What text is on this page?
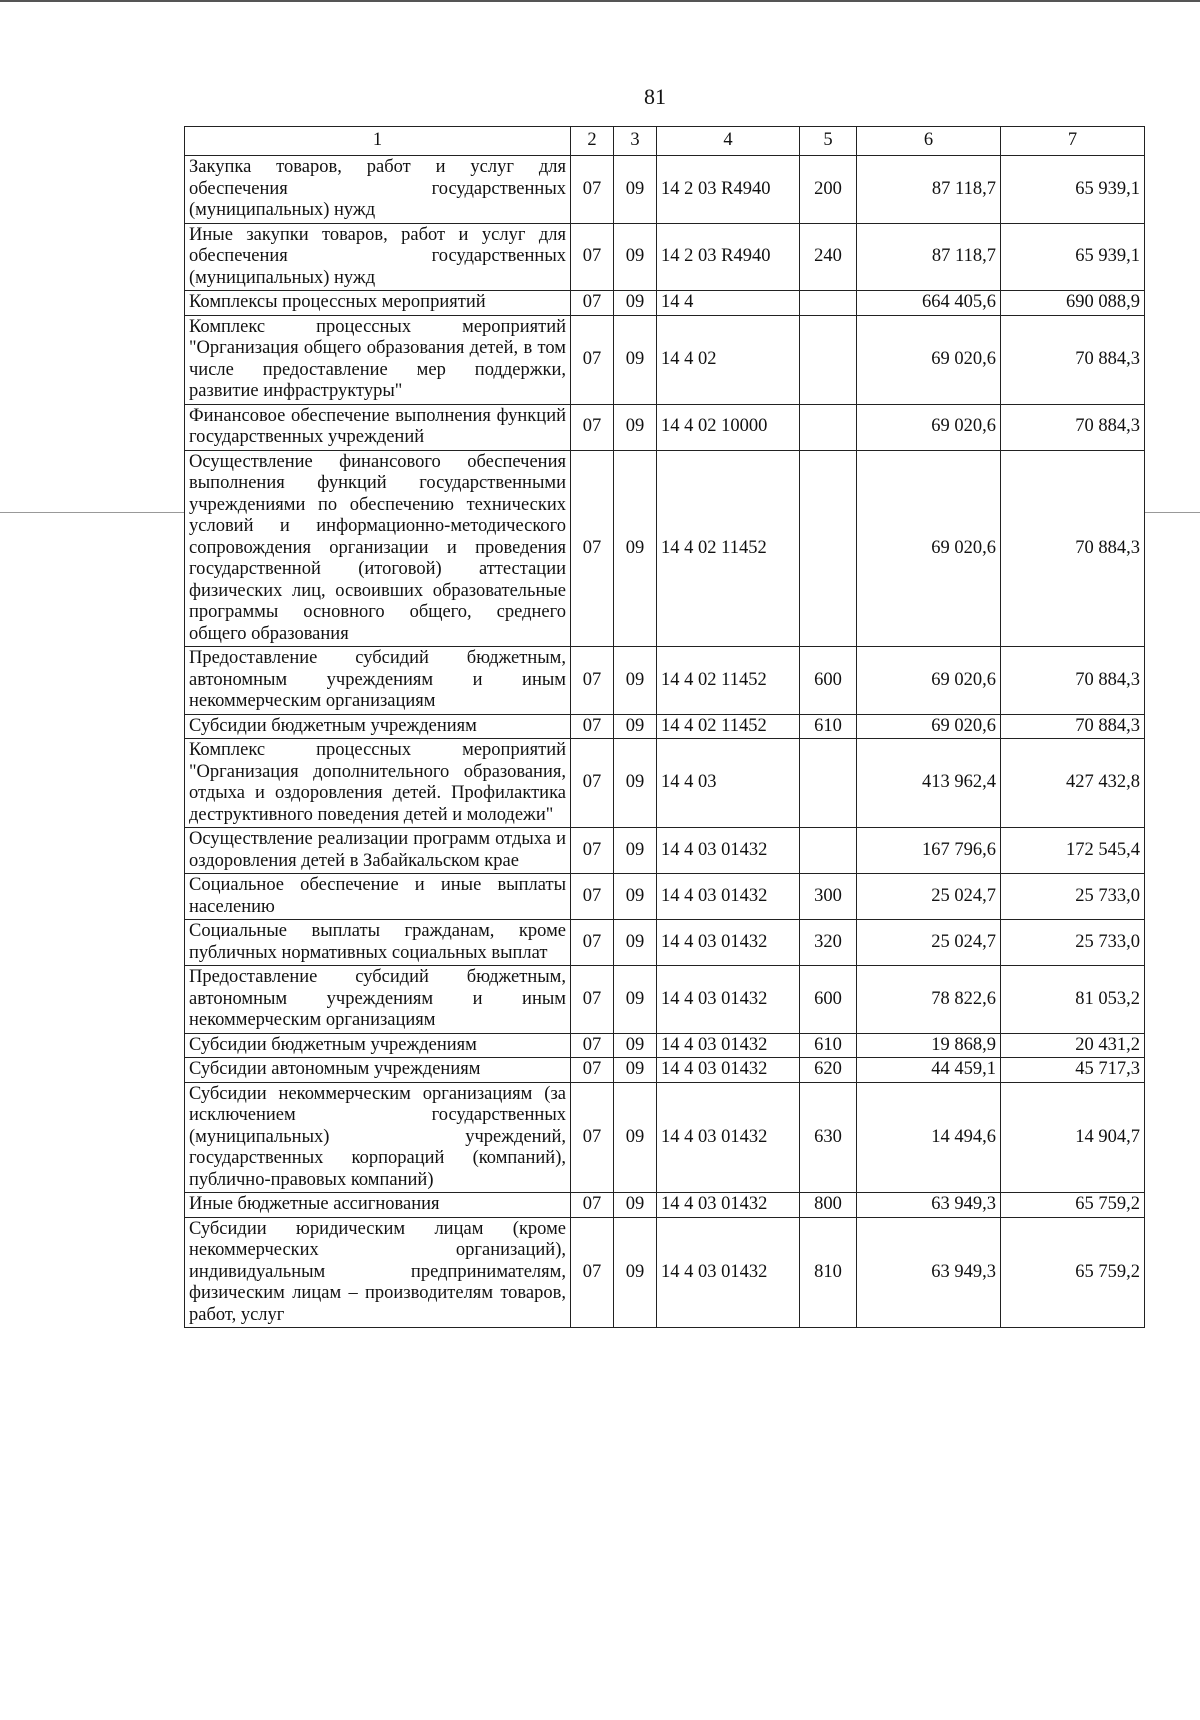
81
1	2	3	4	5	6	7
Закупка товаров, работ и услуг для обеспечения государственных (муниципальных) нужд	07	09	14 2 03 R4940	200	87 118,7	65 939,1
Иные закупки товаров, работ и услуг для обеспечения государственных (муниципальных) нужд	07	09	14 2 03 R4940	240	87 118,7	65 939,1
Комплексы процессных мероприятий	07	09	14 4		664 405,6	690 088,9
Комплекс процессных мероприятий "Организация общего образования детей, в том числе предоставление мер поддержки, развитие инфраструктуры"	07	09	14 4 02		69 020,6	70 884,3
Финансовое обеспечение выполнения функций государственных учреждений	07	09	14 4 02 10000		69 020,6	70 884,3
Осуществление финансового обеспечения выполнения функций государственными учреждениями по обеспечению технических условий и информационно-методического сопровождения организации и проведения государственной (итоговой) аттестации физических лиц, освоивших образовательные программы основного общего, среднего общего образования	07	09	14 4 02 11452		69 020,6	70 884,3
Предоставление субсидий бюджетным, автономным учреждениям и иным некоммерческим организациям	07	09	14 4 02 11452	600	69 020,6	70 884,3
Субсидии бюджетным учреждениям	07	09	14 4 02 11452	610	69 020,6	70 884,3
Комплекс процессных мероприятий "Организация дополнительного образования, отдыха и оздоровления детей. Профилактика деструктивного поведения детей и молодежи"	07	09	14 4 03		413 962,4	427 432,8
Осуществление реализации программ отдыха и оздоровления детей в Забайкальском крае	07	09	14 4 03 01432		167 796,6	172 545,4
Социальное обеспечение и иные выплаты населению	07	09	14 4 03 01432	300	25 024,7	25 733,0
Социальные выплаты гражданам, кроме публичных нормативных социальных выплат	07	09	14 4 03 01432	320	25 024,7	25 733,0
Предоставление субсидий бюджетным, автономным учреждениям и иным некоммерческим организациям	07	09	14 4 03 01432	600	78 822,6	81 053,2
Субсидии бюджетным учреждениям	07	09	14 4 03 01432	610	19 868,9	20 431,2
Субсидии автономным учреждениям	07	09	14 4 03 01432	620	44 459,1	45 717,3
Субсидии некоммерческим организациям (за исключением государственных (муниципальных) учреждений, государственных корпораций (компаний), публично-правовых компаний)	07	09	14 4 03 01432	630	14 494,6	14 904,7
Иные бюджетные ассигнования	07	09	14 4 03 01432	800	63 949,3	65 759,2
Субсидии юридическим лицам (кроме некоммерческих организаций), индивидуальным предпринимателям, физическим лицам – производителям товаров, работ, услуг	07	09	14 4 03 01432	810	63 949,3	65 759,2
